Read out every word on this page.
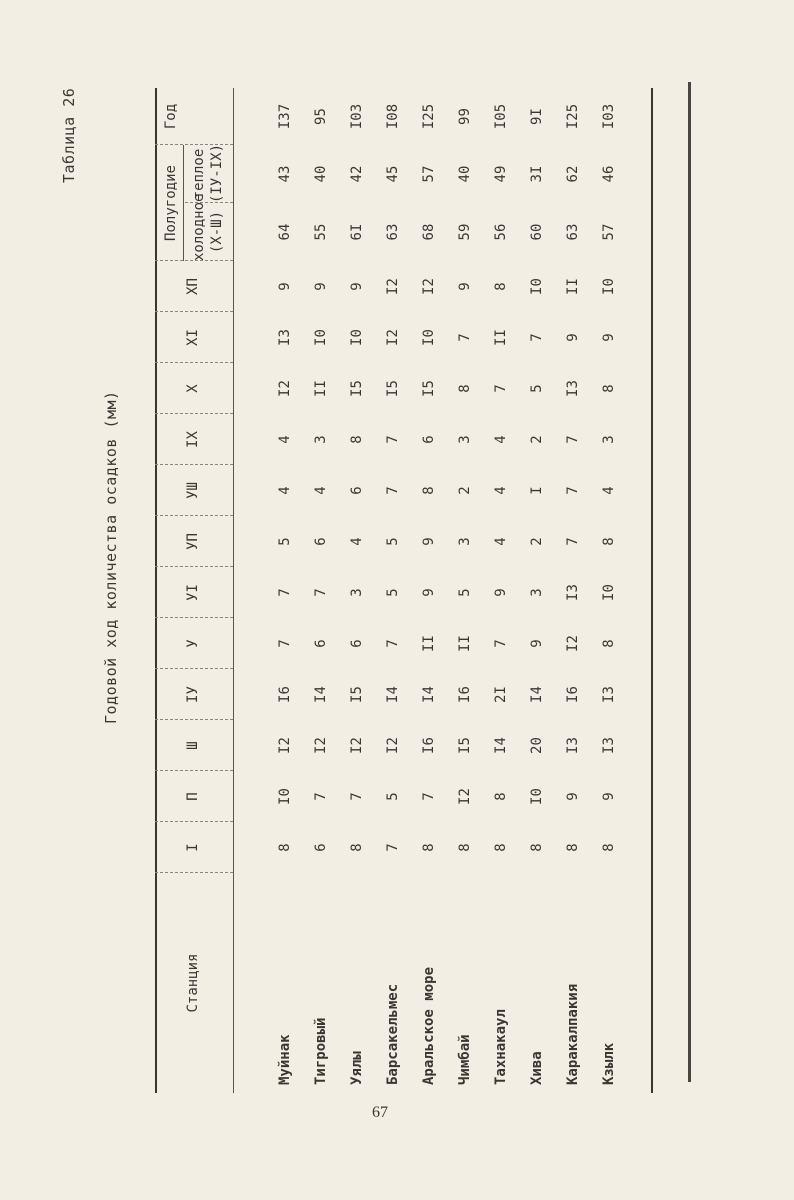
Таблица 26
Годовой ход количества осадков (мм)
Станция
Полугодие холодное (X-Ш)
теплое (IУ-IX)
Год
I
П
Ш
IУ
У
УI
УП
УШ
IX
X
XI
XП
Муйнак
8
I0
I2
I6
7
7
5
4
4
I2
I3
9
64
43
I37
Тигровый
6
7
I2
I4
6
7
6
4
3
II
I0
9
55
40
95
Уялы
8
7
I2
I5
6
3
4
6
8
I5
I0
9
6I
42
I03
Барсакельмес
7
5
I2
I4
7
5
5
7
7
I5
I2
I2
63
45
I08
Аральское море
8
7
I6
I4
II
9
9
8
6
I5
I0
I2
68
57
I25
Чимбай
8
I2
I5
I6
II
5
3
2
3
8
7
9
59
40
99
Тахнакаул
8
8
I4
2I
7
9
4
4
4
7
II
8
56
49
I05
Хива
8
I0
20
I4
9
3
2
I
2
5
7
I0
60
3I
9I
Каракалпакия
8
9
I3
I6
I2
I3
7
7
7
I3
9
II
63
62
I25
Кзылк
8
9
I3
I3
8
I0
8
4
3
8
9
I0
57
46
I03
67
